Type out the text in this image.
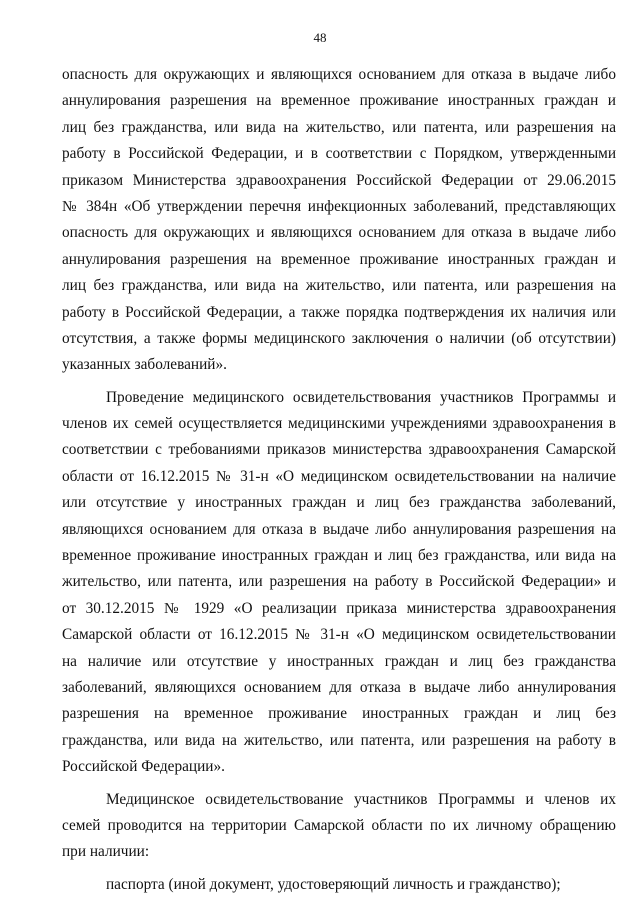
48
опасность для окружающих и являющихся основанием для отказа в выдаче либо
аннулирования разрешения на временное проживание иностранных граждан и
лиц без гражданства, или вида на жительство, или патента, или разрешения на
работу в Российской Федерации, и в соответствии с Порядком, утвержденными
приказом Министерства здравоохранения Российской Федерации от 29.06.2015
№ 384н «Об утверждении перечня инфекционных заболеваний, представляющих
опасность для окружающих и являющихся основанием для отказа в выдаче либо
аннулирования разрешения на временное проживание иностранных граждан и
лиц без гражданства, или вида на жительство, или патента, или разрешения на
работу в Российской Федерации, а также порядка подтверждения их наличия или
отсутствия, а также формы медицинского заключения о наличии (об отсутствии)
указанных заболеваний».
Проведение медицинского освидетельствования участников Программы и
членов их семей осуществляется медицинскими учреждениями здравоохранения в
соответствии с требованиями приказов министерства здравоохранения Самарской
области от 16.12.2015 № 31-н «О медицинском освидетельствовании на наличие
или отсутствие у иностранных граждан и лиц без гражданства заболеваний,
являющихся основанием для отказа в выдаче либо аннулирования разрешения на
временное проживание иностранных граждан и лиц без гражданства, или вида на
жительство, или патента, или разрешения на работу в Российской Федерации» и
от 30.12.2015 № 1929 «О реализации приказа министерства здравоохранения
Самарской области от 16.12.2015 № 31-н «О медицинском освидетельствовании
на наличие или отсутствие у иностранных граждан и лиц без гражданства
заболеваний, являющихся основанием для отказа в выдаче либо аннулирования
разрешения на временное проживание иностранных граждан и лиц без
гражданства, или вида на жительство, или патента, или разрешения на работу в
Российской Федерации».
Медицинское освидетельствование участников Программы и членов их
семей проводится на территории Самарской области по их личному обращению
при наличии:
паспорта (иной документ, удостоверяющий личность и гражданство);
